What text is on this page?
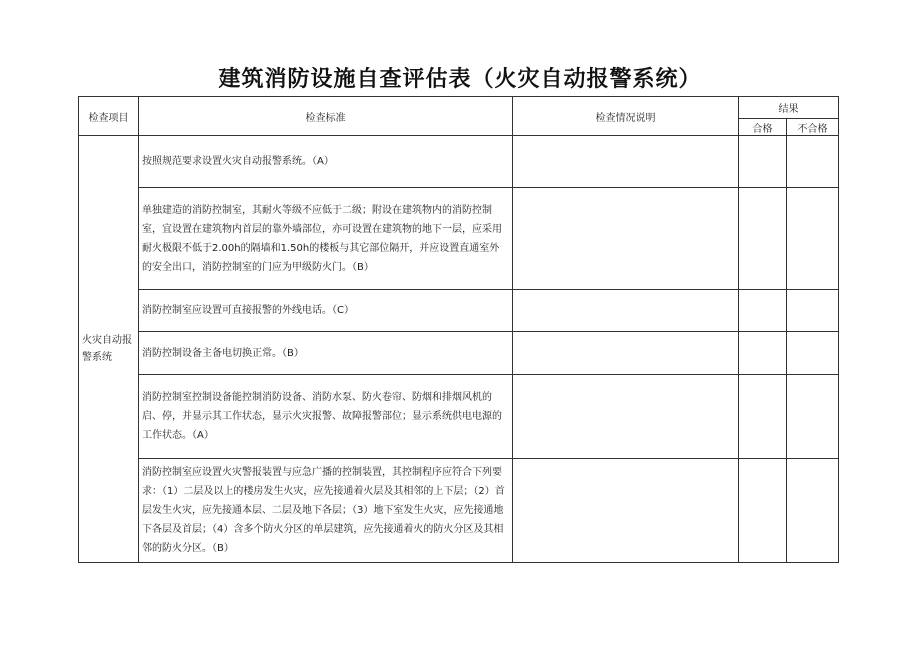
建筑消防设施自查评估表（火灾自动报警系统）
检查项目	检查标准	检查情况说明	结果	
			合格	不合格
火灾自动报警系统	按照规范要求设置火灾自动报警系统。（A）			
	单独建造的消防控制室，其耐火等级不应低于二级；附设在建筑物内的消防控制室，宜设置在建筑物内首层的靠外墙部位，亦可设置在建筑物的地下一层，应采用耐火极限不低于2.00h的隔墙和1.50h的楼板与其它部位隔开，并应设置直通室外的安全出口，消防控制室的门应为甲级防火门。（B）			
	消防控制室应设置可直接报警的外线电话。（C）			
	消防控制设备主备电切换正常。（B）			
	消防控制室控制设备能控制消防设备、消防水泵、防火卷帘、防烟和排烟风机的启、停，并显示其工作状态，显示火灾报警、故障报警部位；显示系统供电电源的工作状态。（A）			
	消防控制室应设置火灾警报装置与应急广播的控制装置，其控制程序应符合下列要求：（1）二层及以上的楼房发生火灾，应先接通着火层及其相邻的上下层；（2）首层发生火灾，应先接通本层、二层及地下各层；（3）地下室发生火灾，应先接通地下各层及首层；（4）含多个防火分区的单层建筑，应先接通着火的防火分区及其相邻的防火分区。（B）			
